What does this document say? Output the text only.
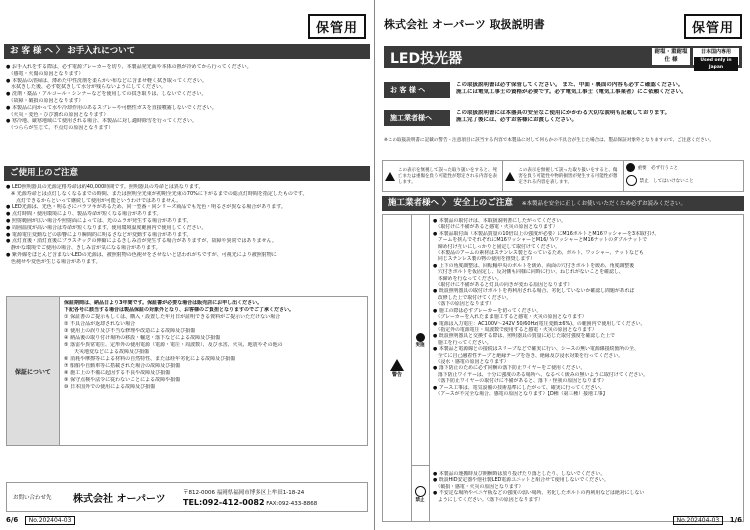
保管用
お 客 様 へ 〉 お手入れについて
● お手入れをする際は、必ず電源ブレーカーを切り、本製品発光面や本体の熱が冷めてから行ってください。
　（感電・火傷の原因となります）
● 本製品の清掃は、薄めた中性洗剤を柔らかい布などに含ませ軽く拭き取ってください。
　水拭きした後、必ず乾拭きして水分が残らないようにしてください。
● 洗剤・薬品・アルコール・シンナーなどを使用しての拭き取りは、しないでください。
　（故障・破損の原因となります）
● 本製品に向かって水や冷却作用のあるスプレーや可燃性ガスを直接噴霧しないでください。
　（火災・変色・ひび割れの原因となります）
● 寒冷地、厳寒地域にて使用される場合、本製品に対し適時除雪を行ってください。
　（つららが生じて、不点灯の原因となります）
ご使用上のご注意
● LED照明器具の光源定格寿命は約40,000時間です。照明器具の寿命とは異なります。
　※ 光源寿命とは点灯しなくなるまでの時間、または照明全光束が初期全光束の70%に下がるまでの総点灯時間を指定したものです。
　　点灯できるからといって継続して使用が可能というわけではありません。
● LED光源は、光色・明るさにバラツキがあるため、同一型番・同シリーズ商品でも光色・明るさが異なる場合があります。
● 点灯時間・使用環境により、製品寿命が短くなる場合があります。
● 照射範囲が広い場合や照射面によっては、光のムラが発生する場合があります。
● 周囲温度が高い場合は寿命が短くなります。使用環境温度範囲内で使用してください。
● 電源電圧変動などの影響により瞬間的に明るさなどが変動する場合があります。
● 点灯直後・消灯直後にプラスチックの伸縮によるきしみ音が発生する場合がありますが、故障や異常ではありません。
　静かな環境でご使用の場合、きしみ音が気になる場合があります。
● 紫外線をほとんど含まないLEDの光源は、被照射物の色褪せをさせないと思われがちですが、可視光により被照射物に
　色褪せや変色が生じる場合があります。
保証について
保証期間は、納品日より3年間です。保証書が必要な場合は販売店にお申し出ください。
下記各号に該当する場合は製品保証の対象外となり、お客様のご負担となりますのでご了承ください。
① 保証書のご提示もしくは、購入・設置した年月日が証明できる資料がご提示いただけない場合
② 不具合品が返却されない場合
③ 使用上の誤り及び不当な修理や改造による故障及び損傷
④ 納品後の取り付け場所の移設・輸送・落下などによる故障及び損傷
⑤ 落雷や異常電圧、定形外の使用電源（電源・電圧・周波数）、及び水害、火災、地震やその他の
　　天災地変などによる故障及び損傷
⑥ 消耗や摩擦等による材料の自然特性、または経年劣化による故障及び損傷
⑦ 船舶や自動車等に搭載された場合の故障及び損傷
⑧ 施工上の不備に起因する不良や故障及び損傷
⑨ 保守点検や法令に従わないことによる故障や損傷
⑩ 日本国外での使用による故障及び損傷
お問い合わせ先	株式会社 オーパーツ
〒812-0006 福岡県福岡市博多区上牟田1-18-24
TEL:092-412-0082 FAX:092-433-8868
6/6 No.202404-03
株式会社 オーパーツ 取扱説明書	保管用
LED投光器	耐塩・重耐塩 仕 様
日本国内専用
Used only in Japan
お 客 様 へ
この取扱説明書は必ず保管してください。 また、中面・裏面の内容も必ずご確認ください。
施工には電気工事士の資格が必要です。必ず電気工事士（電気工事業者）にご依頼ください。
施工業者様へ
この取扱説明書には本器具の安全なご使用にかかわる大切な説明も記載しております。
施工完了後には、必ずお客様にお渡しください。
※この取扱説明書に記載の警告・注意項目に該当する内容で本製品に対して何らかの不具合が生じた場合は、製品保証対象外となりますので、ご注意ください。
この表示を無視して誤った取り扱いをすると、死亡または重傷を負う可能性が想定される内容を表します。
この表示を無視して誤った取り扱いをすると、傷害を負う可能性や物的損害が発生する可能性が想定される内容を表します。
重要　必ず行うこと
禁止　してはいけないこと
施工業者様へ 〉 安全上のご注意 ※本製品を安全に正しくお使いいただくため必ずお読みください。
警告
実施
禁止
● 本製品の取付けは、本取扱説明書にしたがってください。
　（取付けに不備があると感電・火災の原因となります）
● 本製品取付面（本製品質量の10倍以上の強度が必要）にM16ボルトとM16ワッシャーを3本取付け、
　アームを挟んでそれぞれにM16ワッシャーとM16/ ¼ワッシャーとM16ナットのダブルナットで
　締め付け互いにしっかりと固定して取付けてください。
　（本製品のアームの素材はステンレス製となっているため、ボルト、ワッシャー、ナットなども
　同じステンレス製の物の使用を推奨します）
● 上下の角度調整は、回転軸中央のボルトを緩め、両面の穴付きボルトを緩め、角度調整後
　穴付きボルトを仮固定し、反対側も同様に同時に行い、ねじれがないことを確認し、
　本締めを行なってください。
　（取付けに不備があると灯具の向きが変わる原因となります）
● 既設照明器具の取付けボルトを再利用される場合、劣化していないか確認し問題があれば
　改修した上で取付けてください。
　（落下の原因となります）
● 施工の際は必ずブレーカーを切ってください。
　（ブレーカーを入れたまま施工すると感電・火災の原因となります）
● 電源は入力電圧：AC100V〜242V 50/60Hz(電圧変動±6%)、の範囲内で使用してください。
　（指定外の電源電圧・周波数で使用すると感電・火災の原因となります）
● 既設照明器具と交換する際は、照明器具の質量に応じた取付強度を確認した上で
　施工を行ってください。
● 本製品と電源線との接続はスリーブなどで確実に行い、シースの無い電源線接続箇所の全、
　全てに自己融着性テープと絶縁テープを巻き、絶縁及び浸水対策を行ってください。
　（浸水・感電の原因となります）
● 落下防止のために必ず同梱の落下防止ワイヤーをご使用ください。
　落下防止ワイヤーは、十分に強度のある場所へ、なるべく緩みの無いように取付けてください。
　（落下防止ワイヤーの取付けに不備があると、落下・怪我の原因となります）
● アース工事は、電気設備の技術基準にしたがって、確実に行ってください。
　（アースが不完全な場合、感電の原因となります）【D種（第三種）接地工事】
● 本製品の運搬時及び開梱時は放り投げたり落としたり、しないでください。
● 既設HID安定器や他社製LED電源ユニットと組合せて使用しないでください。
　（破損・感電・火災の原因となります）
● 不安定な場所やベニヤ板などの強度の弱い場所、劣化したボルトの再利用などは絶対にしない
　ようにしてください。（落下の原因となります）
No.202404-03 1/6
